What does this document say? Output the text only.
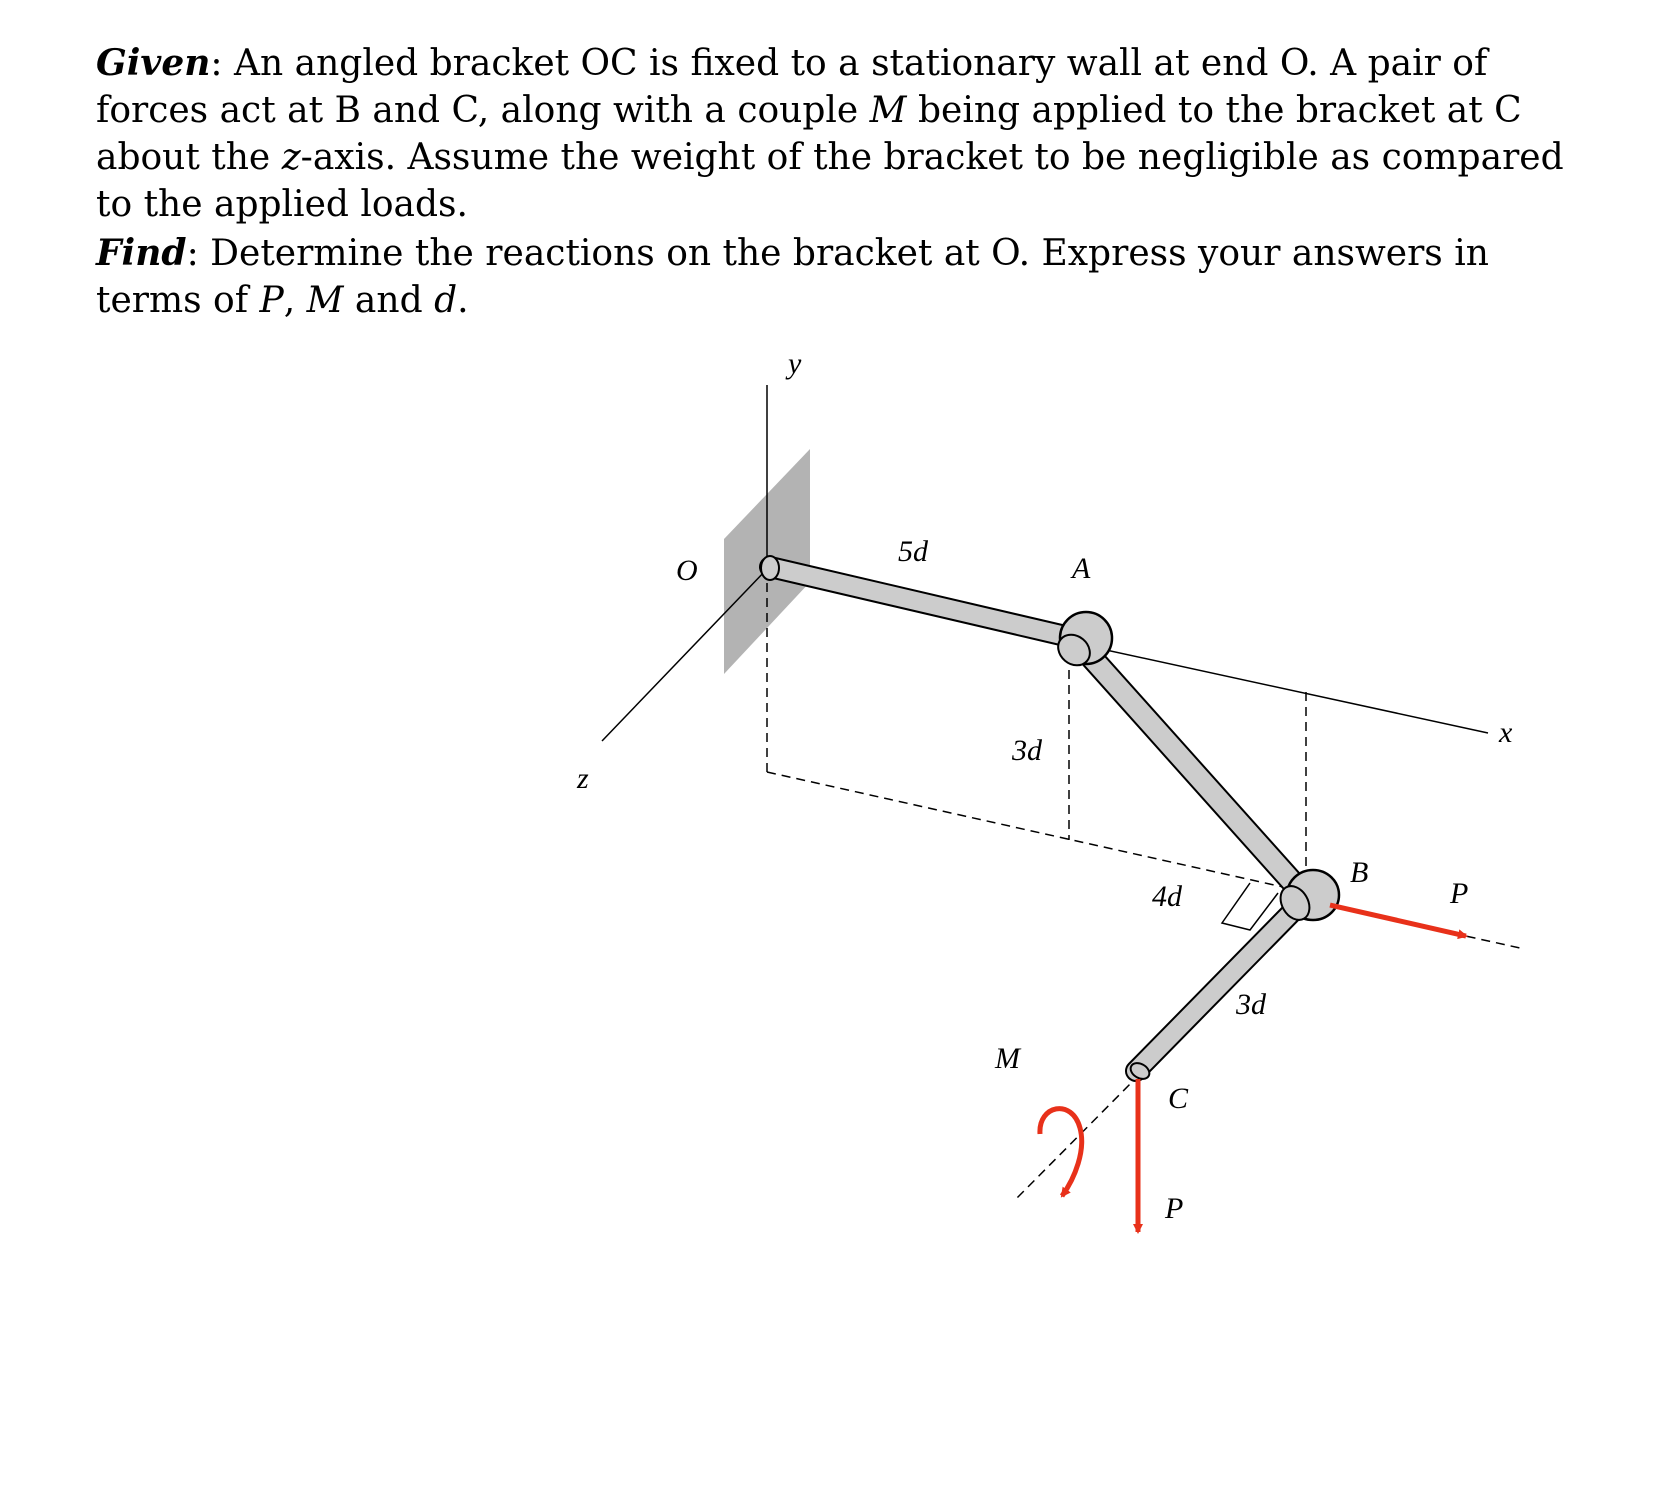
Given: An angled bracket OC is fixed to a stationary wall at end O. A pair of forces act at B and C, along with a couple M being applied to the bracket at C about the z-axis. Assume the weight of the bracket to be negligible as compared to the applied loads.

Find: Determine the reactions on the bracket at O. Express your answers in terms of P, M and d.

y
z
x
O	A
B
C
5d
3d
4d
3d
M
P
P
